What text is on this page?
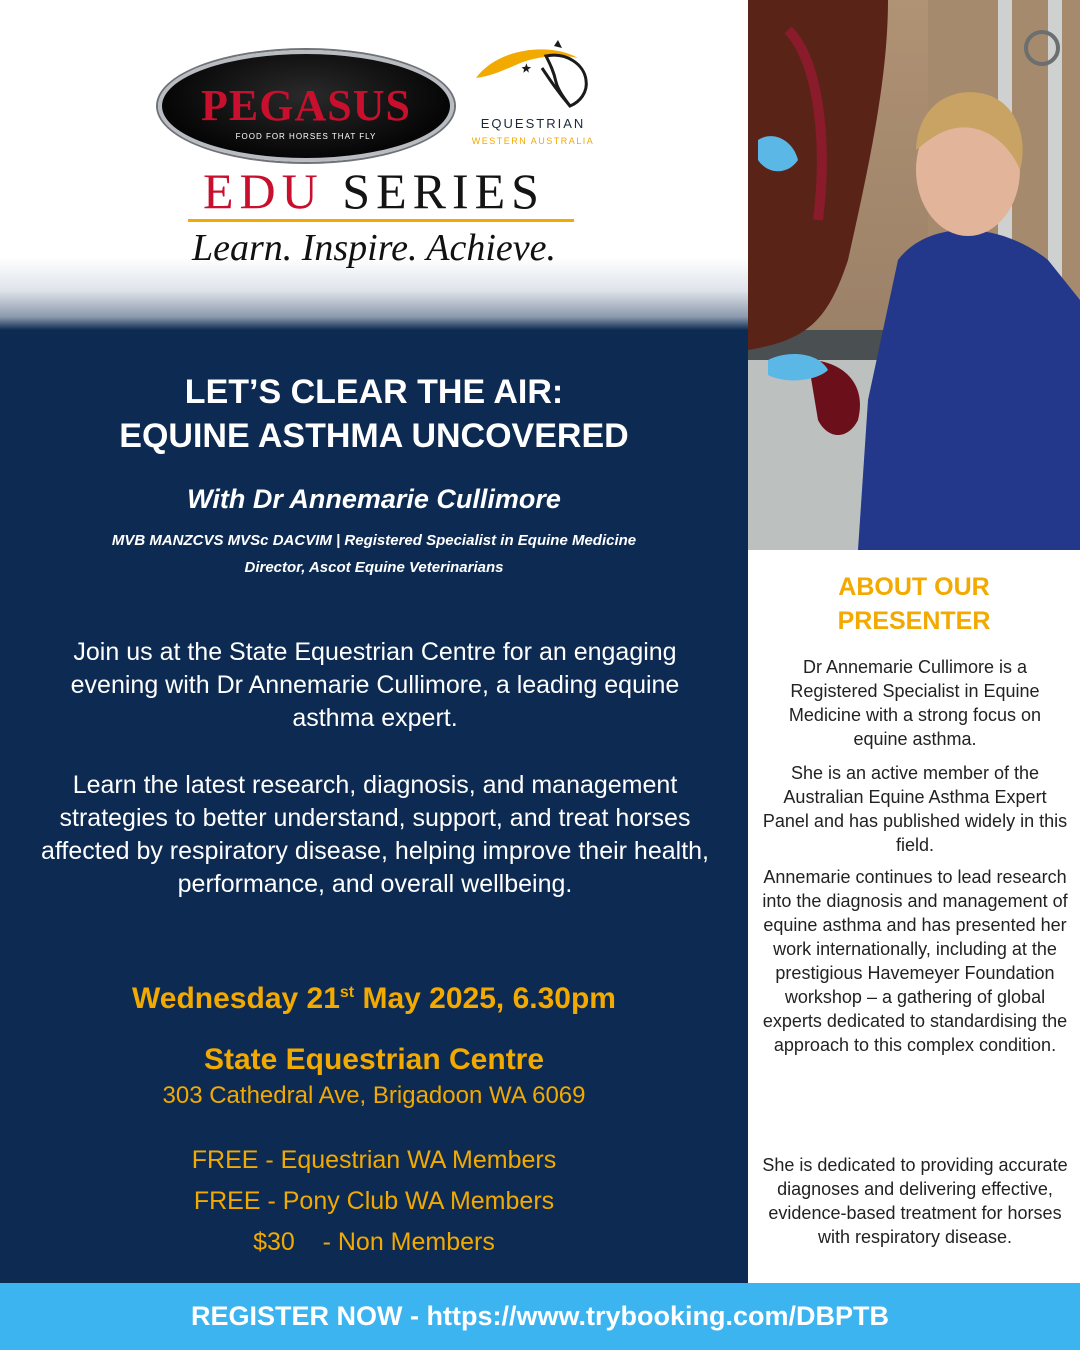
PEGASUS
FOOD FOR HORSES THAT FLY
EQUESTRIAN
WESTERN AUSTRALIA
EDU SERIES
Learn. Inspire. Achieve.
LET’S CLEAR THE AIR:
EQUINE ASTHMA UNCOVERED
With Dr Annemarie Cullimore
MVB MANZCVS MVSc DACVIM | Registered Specialist in Equine Medicine
Director, Ascot Equine Veterinarians
Join us at the State Equestrian Centre for an engaging evening with Dr Annemarie Cullimore, a leading equine asthma expert.
Learn the latest research, diagnosis, and management strategies to better understand, support, and treat horses affected by respiratory disease, helping improve their health, performance, and overall wellbeing.
Wednesday 21st May 2025, 6.30pm
State Equestrian Centre
303 Cathedral Ave, Brigadoon WA 6069
FREE - Equestrian WA Members
FREE - Pony Club WA Members
$30    - Non Members
ABOUT OUR
PRESENTER
Dr Annemarie Cullimore is a Registered Specialist in Equine Medicine with a strong focus on equine asthma.
She is an active member of the Australian Equine Asthma Expert Panel and has published widely in this field.
Annemarie continues to lead research into the diagnosis and management of equine asthma and has presented her work internationally, including at the prestigious Havemeyer Foundation workshop – a gathering of global experts dedicated to standardising the approach to this complex condition.
She is dedicated to providing accurate diagnoses and delivering effective, evidence-based treatment for horses with respiratory disease.
REGISTER NOW - https://www.trybooking.com/DBPTB
